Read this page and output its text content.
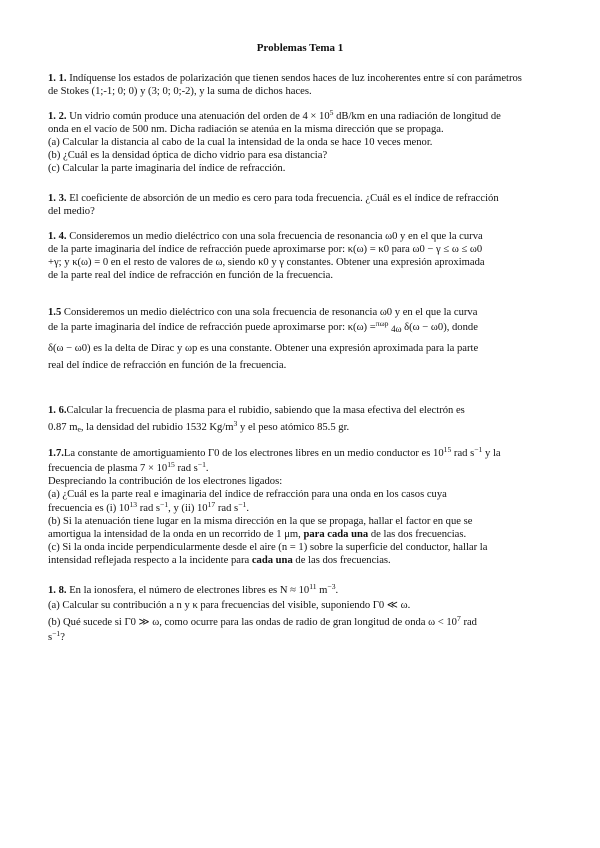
Problemas Tema 1

1. 1. Indíquense los estados de polarización que tienen sendos haces de luz incoherentes entre sí con parámetros

de Stokes (1;-1; 0; 0) y (3; 0; 0;-2), y la suma de dichos haces.

1. 2. Un vidrio común produce una atenuación del orden de $4 \times 10^5$ dB/km en una radiación de longitud de

onda en el vacío de 500 nm. Dicha radiación se atenúa en la misma dirección que se propaga.

(a) Calcular la distancia al cabo de la cual la intensidad de la onda se hace 10 veces menor.

(b) ¿Cuál es la densidad óptica de dicho vidrio para esa distancia?

(c) Calcular la parte imaginaria del índice de refracción.

1. 3. El coeficiente de absorción de un medio es cero para toda frecuencia. ¿Cuál es el índice de refracción

del medio?

1. 4. Consideremos un medio dieléctrico con una sola frecuencia de resonancia ω0 y en el que la curva

de la parte imaginaria del índice de refracción puede aproximarse por: κ(ω) = κ0 para ω0 − γ ≤ ω ≤ ω0

+γ; y κ(ω) = 0 en el resto de valores de ω, siendo κ0 y γ constantes. Obtener una expresión aproximada

de la parte real del índice de refracción en función de la frecuencia.

1.5 Consideremos un medio dieléctrico con una sola frecuencia de resonancia ω0 y en el que la curva

de la parte imaginaria del índice de refracción puede aproximarse por: κ(ω) =$^{\pi\omega p}$ $_{4\omega}$ δ(ω − ω0), donde

δ(ω − ω0) es la delta de Dirac y ωp es una constante. Obtener una expresión aproximada para la parte

real del índice de refracción en función de la frecuencia.

1. 6.Calcular la frecuencia de plasma para el rubidio, sabiendo que la masa efectiva del electrón es

0.87 $m_e$, la densidad del rubidio 1532 $Kg/m^3$ y el peso atómico 85.5 gr.

1.7.La constante de amortiguamiento Γ0 de los electrones libres en un medio conductor es $10^{15}$ rad $s^{-1}$ y la

frecuencia de plasma $7 \times 10^{15}$ rad $s^{-1}$.

Despreciando la contribución de los electrones ligados:

(a) ¿Cuál es la parte real e imaginaria del índice de refracción para una onda en los casos cuya

frecuencia es (i) $10^{13}$ rad $s^{-1}$, y (ii) $10^{17}$ rad $s^{-1}$.

(b) Si la atenuación tiene lugar en la misma dirección en la que se propaga, hallar el factor en que se

amortigua la intensidad de la onda en un recorrido de 1 μm, para cada una de las dos frecuencias.

(c) Si la onda incide perpendicularmente desde el aire (n = 1) sobre la superficie del conductor, hallar la

intensidad reflejada respecto a la incidente para cada una de las dos frecuencias.

1. 8. En la ionosfera, el número de electrones libres es $N \approx 10^{11}$ $m^{-3}$.

(a) Calcular su contribución a n y κ para frecuencias del visible, suponiendo Γ0 ≪ ω.

(b) Qué sucede si Γ0 ≫ ω, como ocurre para las ondas de radio de gran longitud de onda $\omega < 10^7$ rad

$s^{-1}$?
